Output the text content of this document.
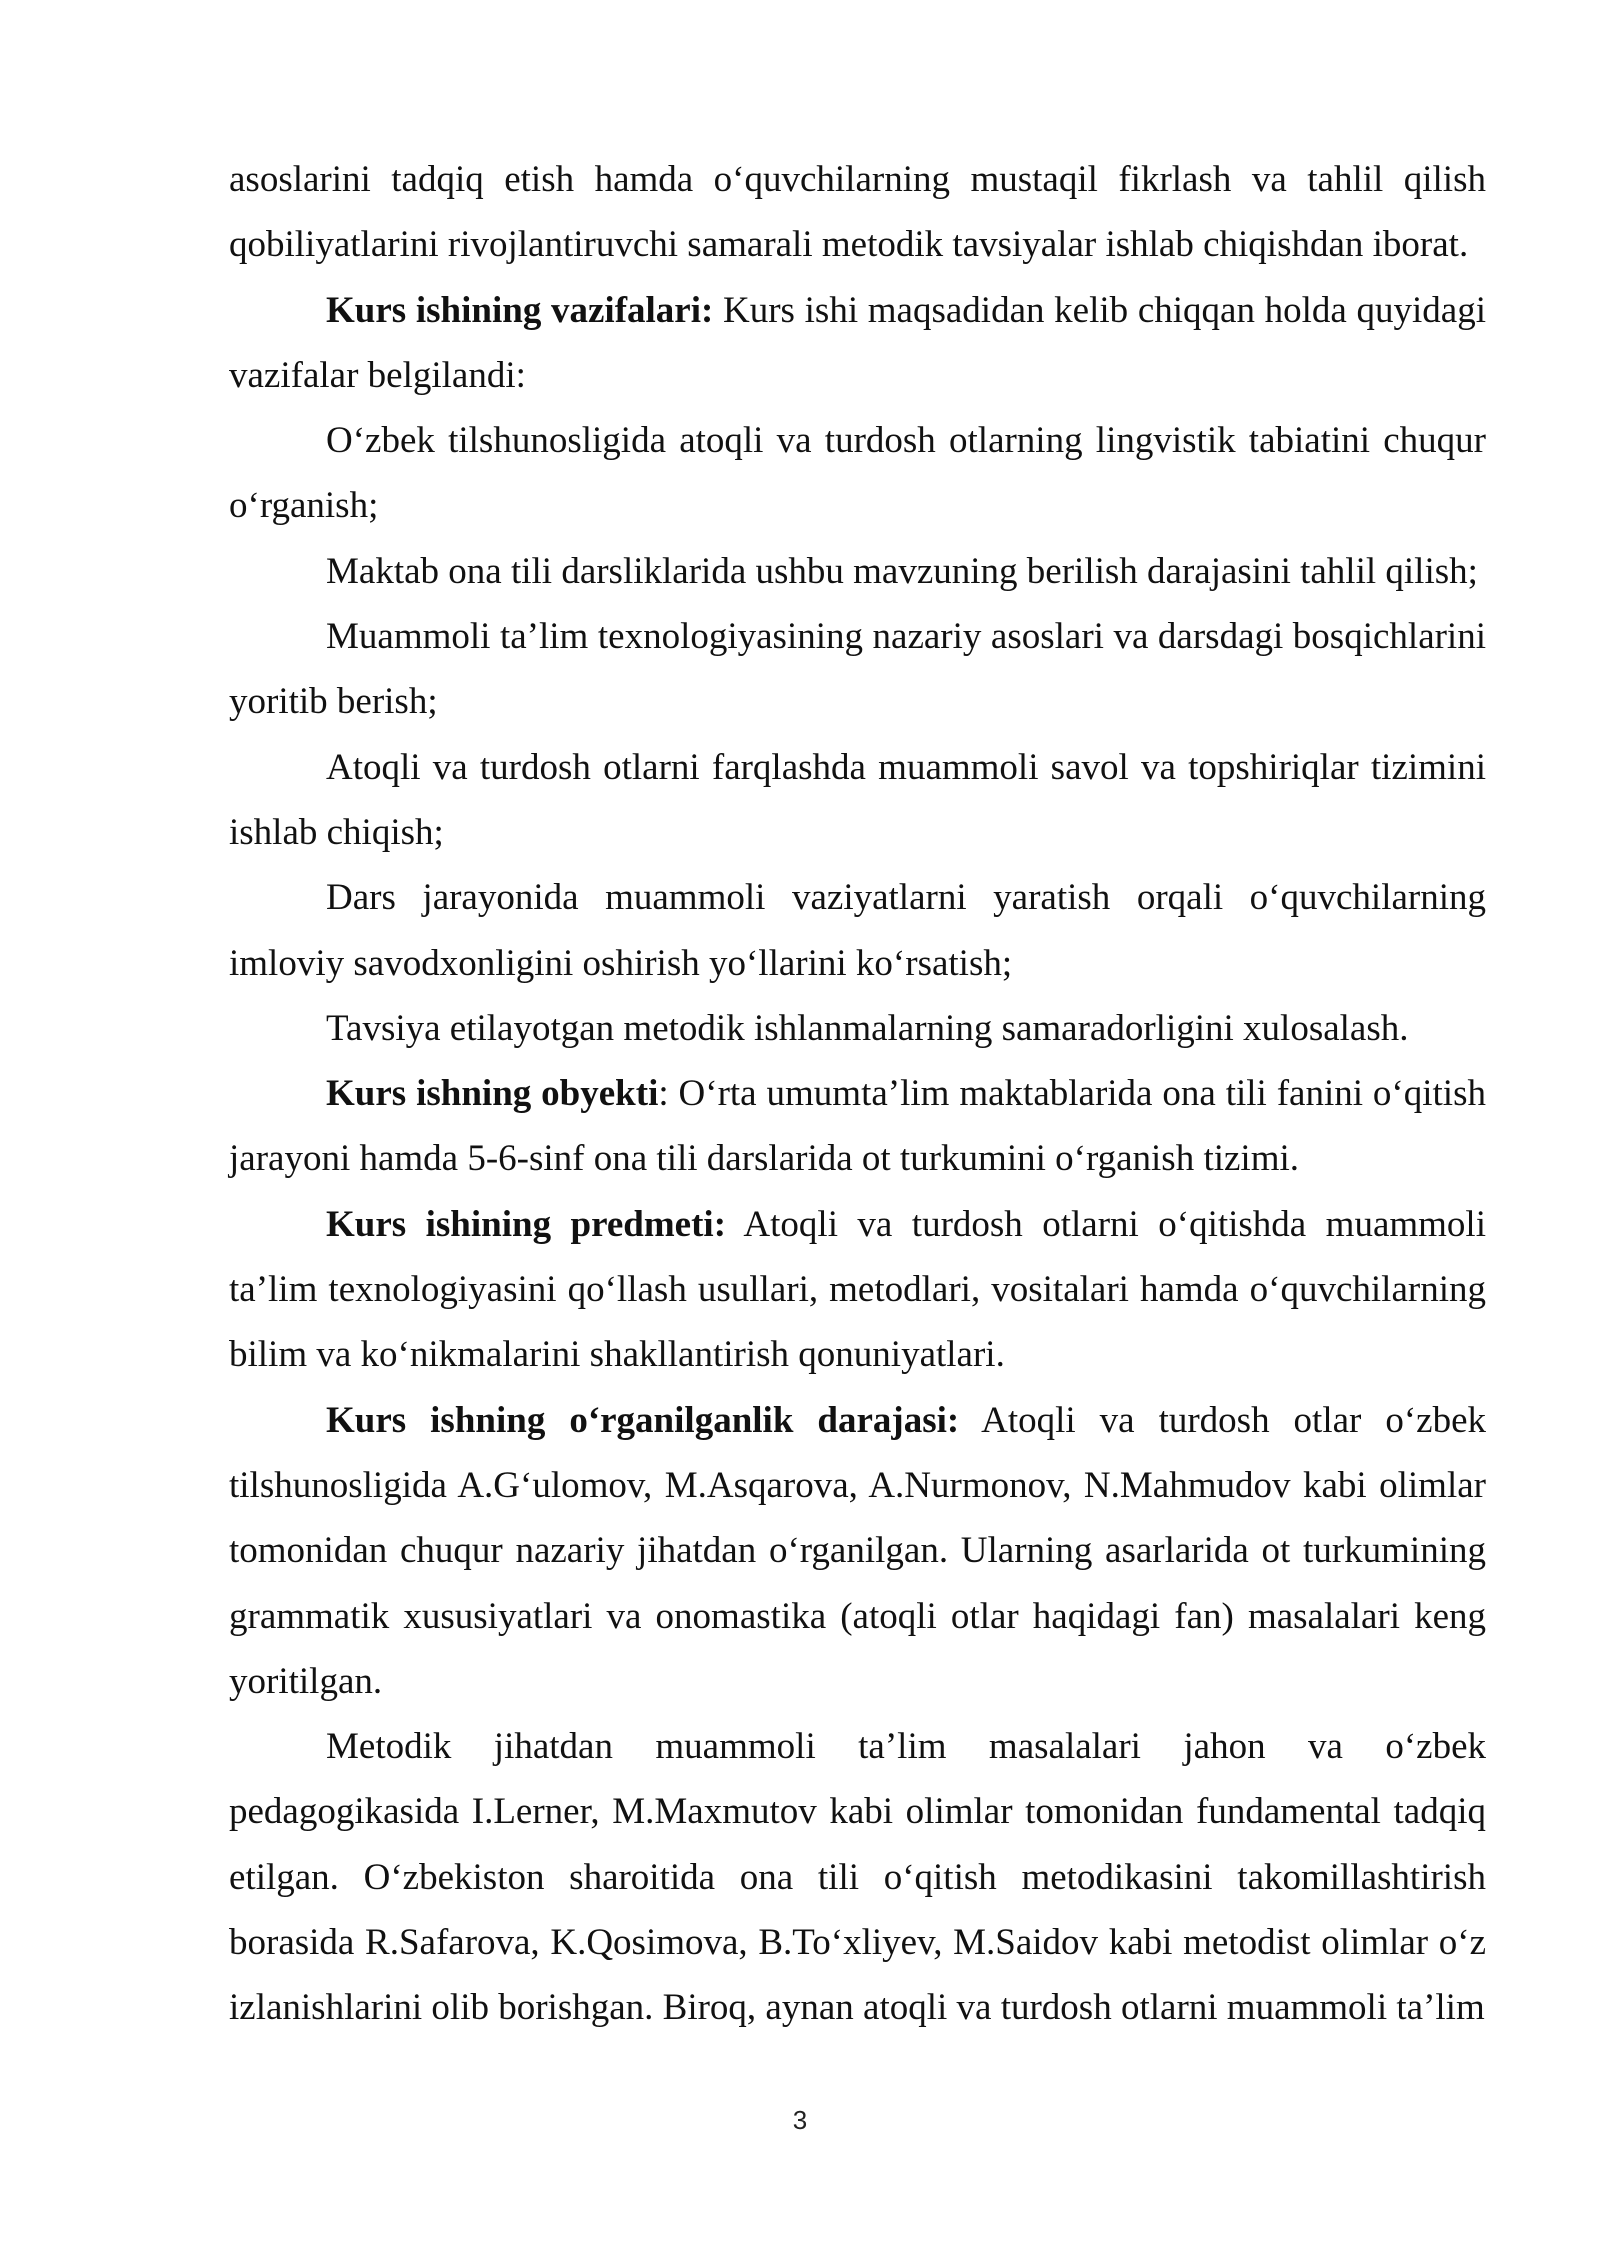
asoslarini tadqiq etish hamda o‘quvchilarning mustaqil fikrlash va tahlil qilish qobiliyatlarini rivojlantiruvchi samarali metodik tavsiyalar ishlab chiqishdan iborat.

Kurs ishining vazifalari: Kurs ishi maqsadidan kelib chiqqan holda quyidagi vazifalar belgilandi:

O‘zbek tilshunosligida atoqli va turdosh otlarning lingvistik tabiatini chuqur o‘rganish;

Maktab ona tili darsliklarida ushbu mavzuning berilish darajasini tahlil qilish;

Muammoli ta’lim texnologiyasining nazariy asoslari va darsdagi bosqichlarini yoritib berish;

Atoqli va turdosh otlarni farqlashda muammoli savol va topshiriqlar tizimini ishlab chiqish;

Dars jarayonida muammoli vaziyatlarni yaratish orqali o‘quvchilarning imloviy savodxonligini oshirish yo‘llarini ko‘rsatish;

Tavsiya etilayotgan metodik ishlanmalarning samaradorligini xulosalash.

Kurs ishning obyekti: O‘rta umumta’lim maktablarida ona tili fanini o‘qitish jarayoni hamda 5-6-sinf ona tili darslarida ot turkumini o‘rganish tizimi.

Kurs ishining predmeti: Atoqli va turdosh otlarni o‘qitishda muammoli ta’lim texnologiyasini qo‘llash usullari, metodlari, vositalari hamda o‘quvchilarning bilim va ko‘nikmalarini shakllantirish qonuniyatlari.

Kurs ishning o‘rganilganlik darajasi: Atoqli va turdosh otlar o‘zbek tilshunosligida A.G‘ulomov, M.Asqarova, A.Nurmonov, N.Mahmudov kabi olimlar tomonidan chuqur nazariy jihatdan o‘rganilgan. Ularning asarlarida ot turkumining grammatik xususiyatlari va onomastika (atoqli otlar haqidagi fan) masalalari keng yoritilgan.

Metodik jihatdan muammoli ta’lim masalalari jahon va o‘zbek pedagogikasida I.Lerner, M.Maxmutov kabi olimlar tomonidan fundamental tadqiq etilgan. O‘zbekiston sharoitida ona tili o‘qitish metodikasini takomillashtirish borasida R.Safarova, K.Qosimova, B.To‘xliyev, M.Saidov kabi metodist olimlar o‘z izlanishlarini olib borishgan. Biroq, aynan atoqli va turdosh otlarni muammoli ta’lim

3
